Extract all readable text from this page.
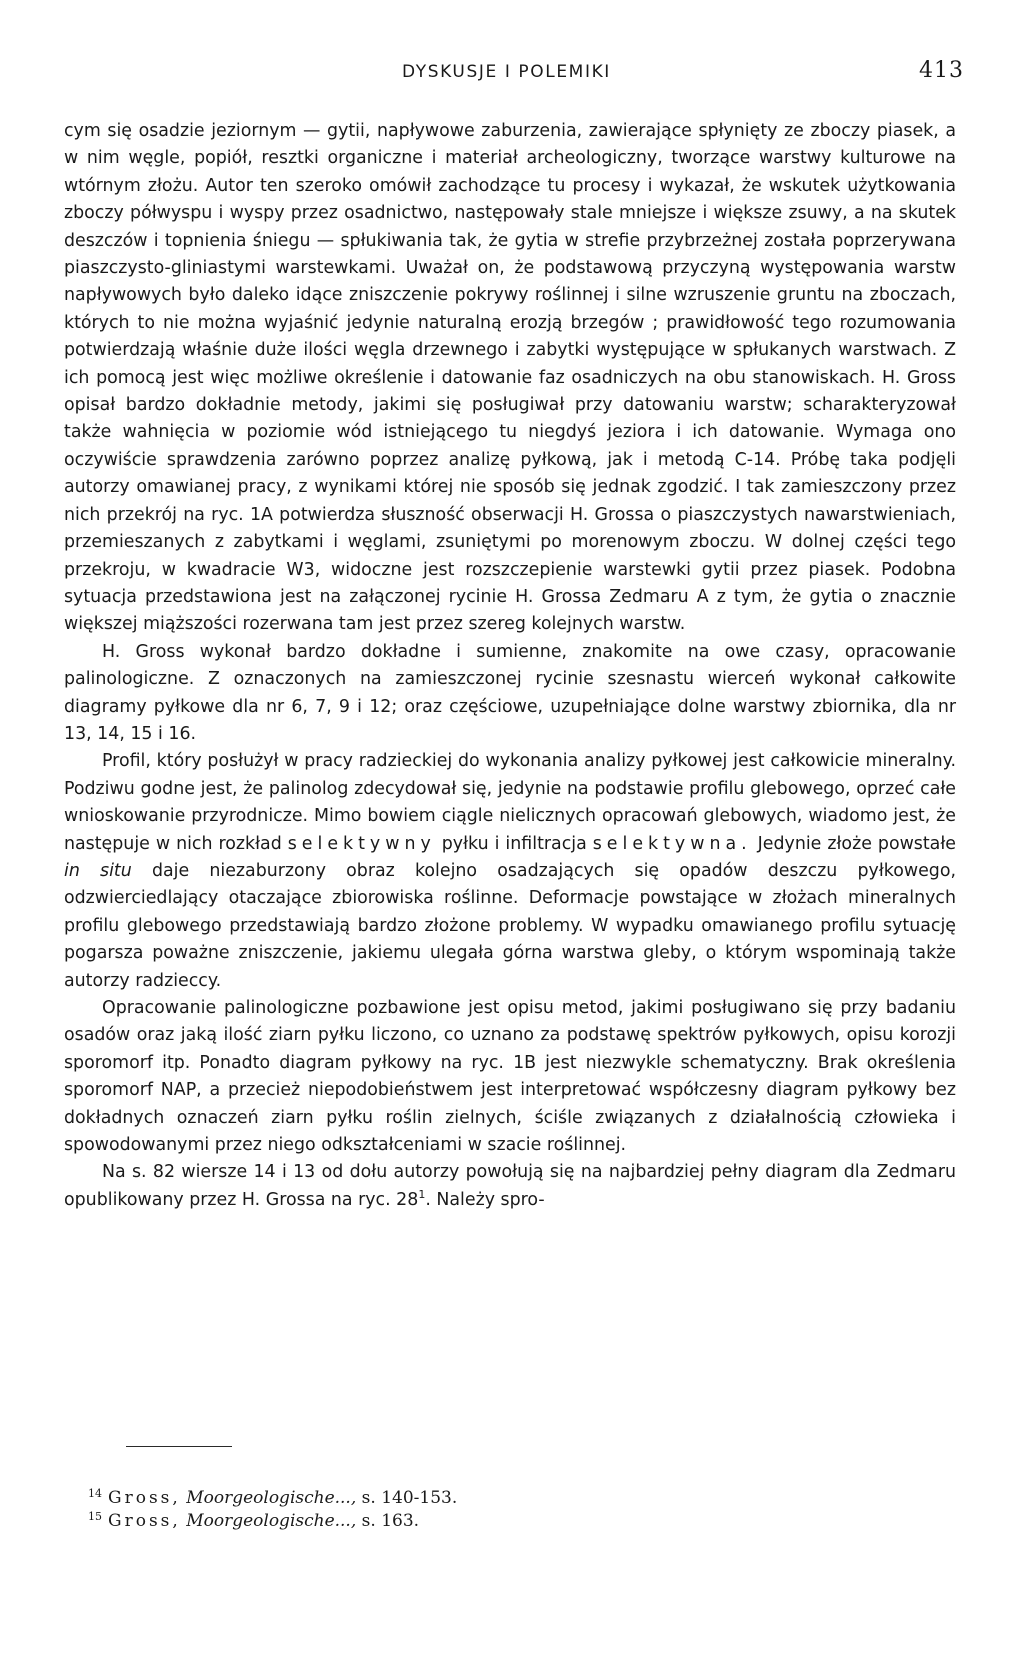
DYSKUSJE I POLEMIKI	413

cym się osadzie jeziornym — gytii, napływowe zaburzenia, zawierające spłynięty ze zboczy piasek, a w nim węgle, popiół, resztki organiczne i materiał archeologiczny, tworzące warstwy kulturowe na wtórnym złożu. Autor ten szeroko omówił zachodzące tu procesy i wykazał, że wskutek użytkowania zboczy półwyspu i wyspy przez osadnictwo, następowały stale mniejsze i większe zsuwy, a na skutek deszczów i topnienia śniegu — spłukiwania tak, że gytia w strefie przybrzeżnej została poprzerywana piaszczysto-gliniastymi warstewkami. Uważał on, że podstawową przyczyną występowania warstw napływowych było daleko idące zniszczenie pokrywy roślinnej i silne wzruszenie gruntu na zboczach, których to nie można wyjaśnić jedynie naturalną erozją brzegów ; prawidłowość tego rozumowania potwierdzają właśnie duże ilości węgla drzewnego i zabytki występujące w spłukanych warstwach. Z ich pomocą jest więc możliwe określenie i datowanie faz osadniczych na obu stanowiskach. H. Gross opisał bardzo dokładnie metody, jakimi się posługiwał przy datowaniu warstw; scharakteryzował także wahnięcia w poziomie wód istniejącego tu niegdyś jeziora i ich datowanie. Wymaga ono oczywiście sprawdzenia zarówno poprzez analizę pyłkową, jak i metodą C-14. Próbę taka podjęli autorzy omawianej pracy, z wynikami której nie sposób się jednak zgodzić. I tak zamieszczony przez nich przekrój na ryc. 1A potwierdza słuszność obserwacji H. Grossa o piaszczystych nawarstwieniach, przemieszanych z zabytkami i węglami, zsuniętymi po morenowym zboczu. W dolnej części tego przekroju, w kwadracie W3, widoczne jest rozszczepienie warstewki gytii przez piasek. Podobna sytuacja przedstawiona jest na załączonej rycinie H. Grossa Zedmaru A z tym, że gytia o znacznie większej miąższości rozerwana tam jest przez szereg kolejnych warstw.

H. Gross wykonał bardzo dokładne i sumienne, znakomite na owe czasy, opracowanie palinologiczne. Z oznaczonych na zamieszczonej rycinie szesnastu wierceń wykonał całkowite diagramy pyłkowe dla nr 6, 7, 9 i 12; oraz częściowe, uzupełniające dolne warstwy zbiornika, dla nr 13, 14, 15 i 16.

Profil, który posłużył w pracy radzieckiej do wykonania analizy pyłkowej jest całkowicie mineralny. Podziwu godne jest, że palinolog zdecydował się, jedynie na podstawie profilu glebowego, oprzeć całe wnioskowanie przyrodnicze. Mimo bowiem ciągle nielicznych opracowań glebowych, wiadomo jest, że następuje w nich rozkład selektywny pyłku i infiltracja selektywna. Jedynie złoże powstałe in situ daje niezaburzony obraz kolejno osadzających się opadów deszczu pyłkowego, odzwierciedlający otaczające zbiorowiska roślinne. Deformacje powstające w złożach mineralnych profilu glebowego przedstawiają bardzo złożone problemy. W wypadku omawianego profilu sytuację pogarsza poważne zniszczenie, jakiemu ulegała górna warstwa gleby, o którym wspominają także autorzy radzieccy.

Opracowanie palinologiczne pozbawione jest opisu metod, jakimi posługiwano się przy badaniu osadów oraz jaką ilość ziarn pyłku liczono, co uznano za podstawę spektrów pyłkowych, opisu korozji sporomorf itp. Ponadto diagram pyłkowy na ryc. 1B jest niezwykle schematyczny. Brak określenia sporomorf NAP, a przecież niepodobieństwem jest interpretować współczesny diagram pyłkowy bez dokładnych oznaczeń ziarn pyłku roślin zielnych, ściśle związanych z działalnością człowieka i spowodowanymi przez niego odkształceniami w szacie roślinnej.

Na s. 82 wiersze 14 i 13 od dołu autorzy powołują się na najbardziej pełny diagram dla Zedmaru opublikowany przez H. Grossa na ryc. 28$^1$. Należy spro-

$^{14}$ Gross, Moorgeologische..., s. 140-153.

$^{15}$ Gross, Moorgeologische..., s. 163.
